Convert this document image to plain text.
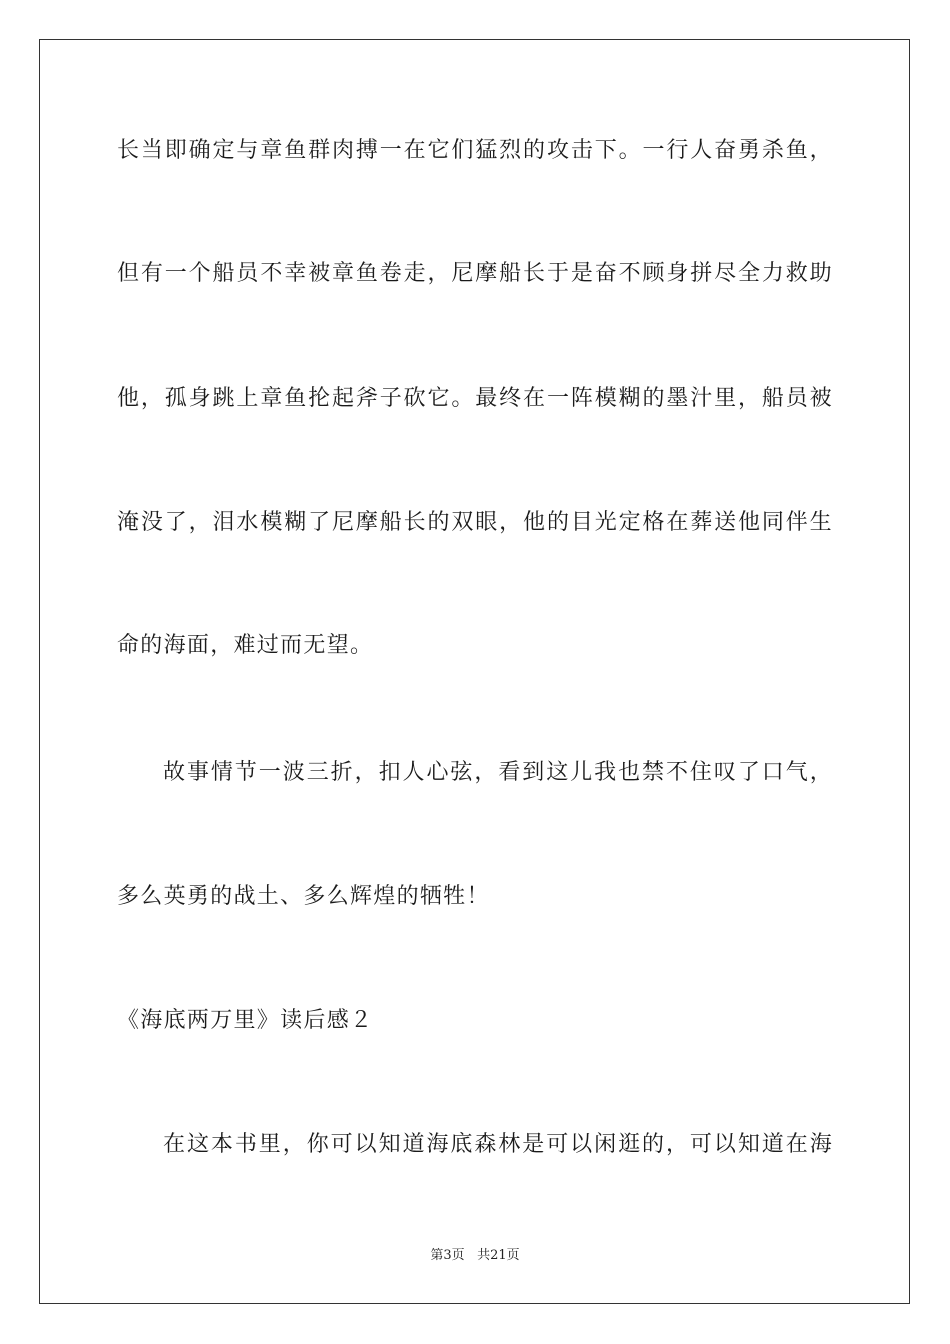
长当即确定与章鱼群肉搏一在它们猛烈的攻击下。一行人奋勇杀鱼，
但有一个船员不幸被章鱼卷走，尼摩船长于是奋不顾身拼尽全力救助
他，孤身跳上章鱼抡起斧子砍它。最终在一阵模糊的墨汁里，船员被
淹没了，泪水模糊了尼摩船长的双眼，他的目光定格在葬送他同伴生
命的海面，难过而无望。
故事情节一波三折，扣人心弦，看到这儿我也禁不住叹了口气，
多么英勇的战土、多么辉煌的牺牲！
《海底两万里》读后感２
在这本书里，你可以知道海底森林是可以闲逛的，可以知道在海
第3页 共21页
